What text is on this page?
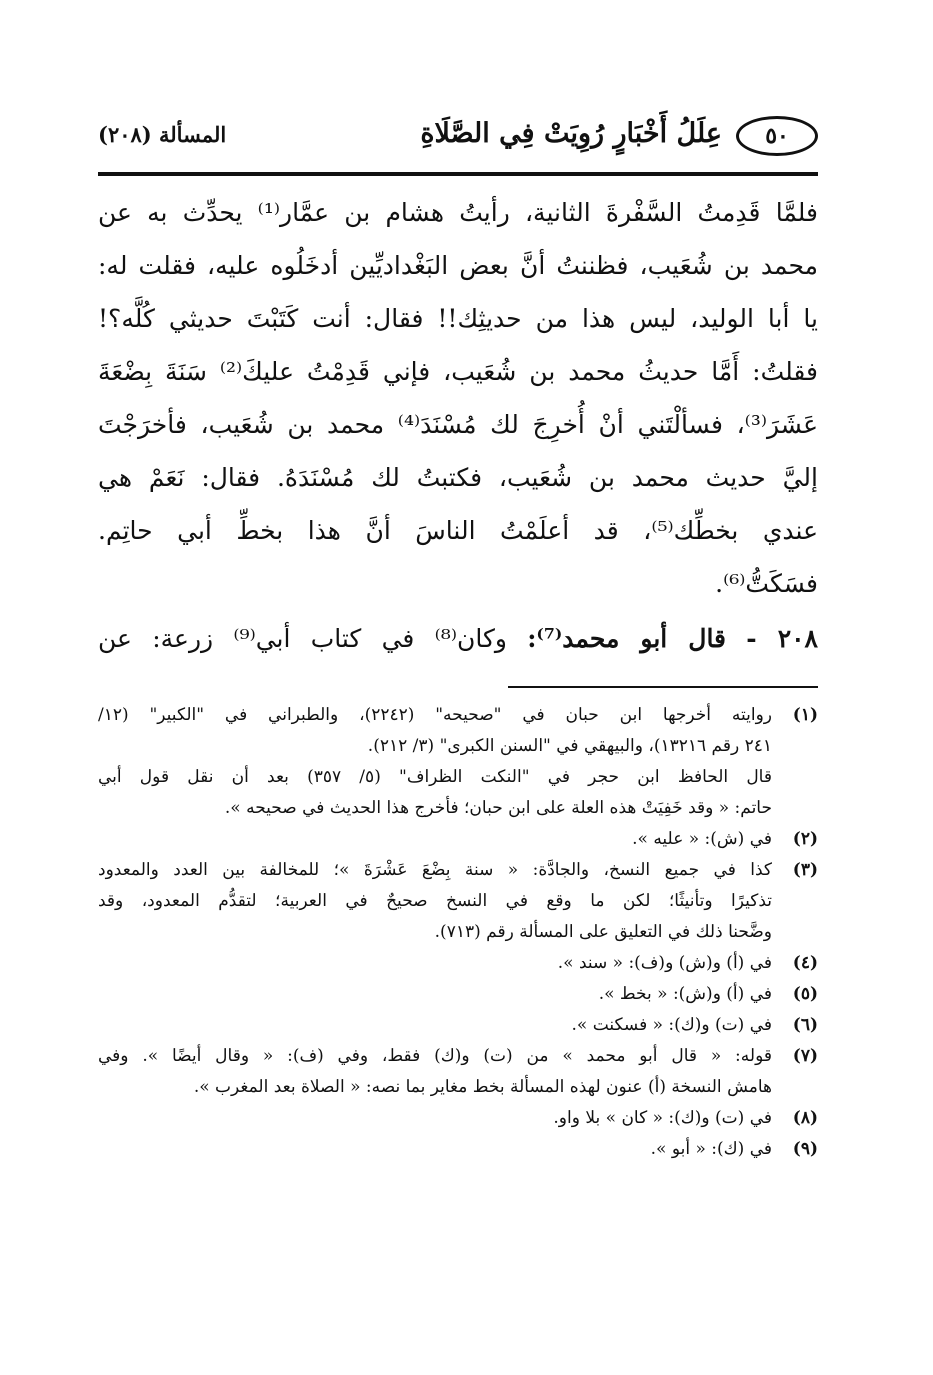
٥٠
عِلَلُ أَخْبَارٍ رُوِيَتْ فِي الصَّلَاةِ
المسألة (٢٠٨)
فلمَّا قَدِمتُ السَّفْرةَ الثانية، رأيتُ هشام بن عمَّار⁽¹⁾ يحدِّث به عن
محمد بن شُعَيب، فظننتُ أنَّ بعض البَغْداديِّين أدخَلُوه عليه، فقلت له:
يا أبا الوليد، ليس هذا من حديثِك!! فقال: أنت كَتَبْتَ حديثي كُلَّه؟!
فقلتُ: أَمَّا حديثُ محمد بن شُعَيب، فإني قَدِمْتُ عليكَ⁽²⁾ سَنَةَ بِضْعَةَ
عَشَرَ⁽³⁾، فسألْتَني أنْ أُخرِجَ لك مُسْنَدَ⁽⁴⁾ محمد بن شُعَيب، فأخرَجْتَ
إليَّ حديث محمد بن شُعَيب، فكتبتُ لك مُسْنَدَهُ. فقال: نَعَمْ هي
عندي بخطِّك⁽⁵⁾، قد أعلَمْتُ الناسَ أنَّ هذا بخطِّ أبي حاتِم.
فسَكَتُّ⁽⁶⁾.
٢٠٨ - قال أبو محمد⁽⁷⁾: وكان⁽⁸⁾ في كتاب أبي⁽⁹⁾ زرعة: عن
(١)
روايته أخرجها ابن حبان في "صحيحه" (٢٢٤٢)، والطبراني في "الكبير" (١٢/
٢٤١ رقم ١٣٢١٦)، والبيهقي في "السنن الكبرى" (٣/ ٢١٢).
قال الحافظ ابن حجر في "النكت الظراف" (٥/ ٣٥٧) بعد أن نقل قول أبي
حاتم: « وقد خَفِيَتْ هذه العلة على ابن حبان؛ فأخرج هذا الحديث في صحيحه ».
(٢)
في (ش): « عليه ».
(٣)
كذا في جميع النسخ، والجادَّة: « سنة بِضْعَ عَشْرَةَ »؛ للمخالفة بين العدد والمعدود
تذكيرًا وتأنيثًا؛ لكن ما وقع في النسخ صحيحٌ في العربية؛ لتقدُّم المعدود، وقد
وضَّحنا ذلك في التعليق على المسألة رقم (٧١٣).
(٤)
في (أ) و(ش) و(ف): « سند ».
(٥)
في (أ) و(ش): « بخط ».
(٦)
في (ت) و(ك): « فسكنت ».
(٧)
قوله: « قال أبو محمد » من (ت) و(ك) فقط، وفي (ف): « وقال أيضًا ». وفي
هامش النسخة (أ) عنون لهذه المسألة بخط مغاير بما نصه: « الصلاة بعد المغرب ».
(٨)
في (ت) و(ك): « كان » بلا واو.
(٩)
في (ك): « أبو ».
